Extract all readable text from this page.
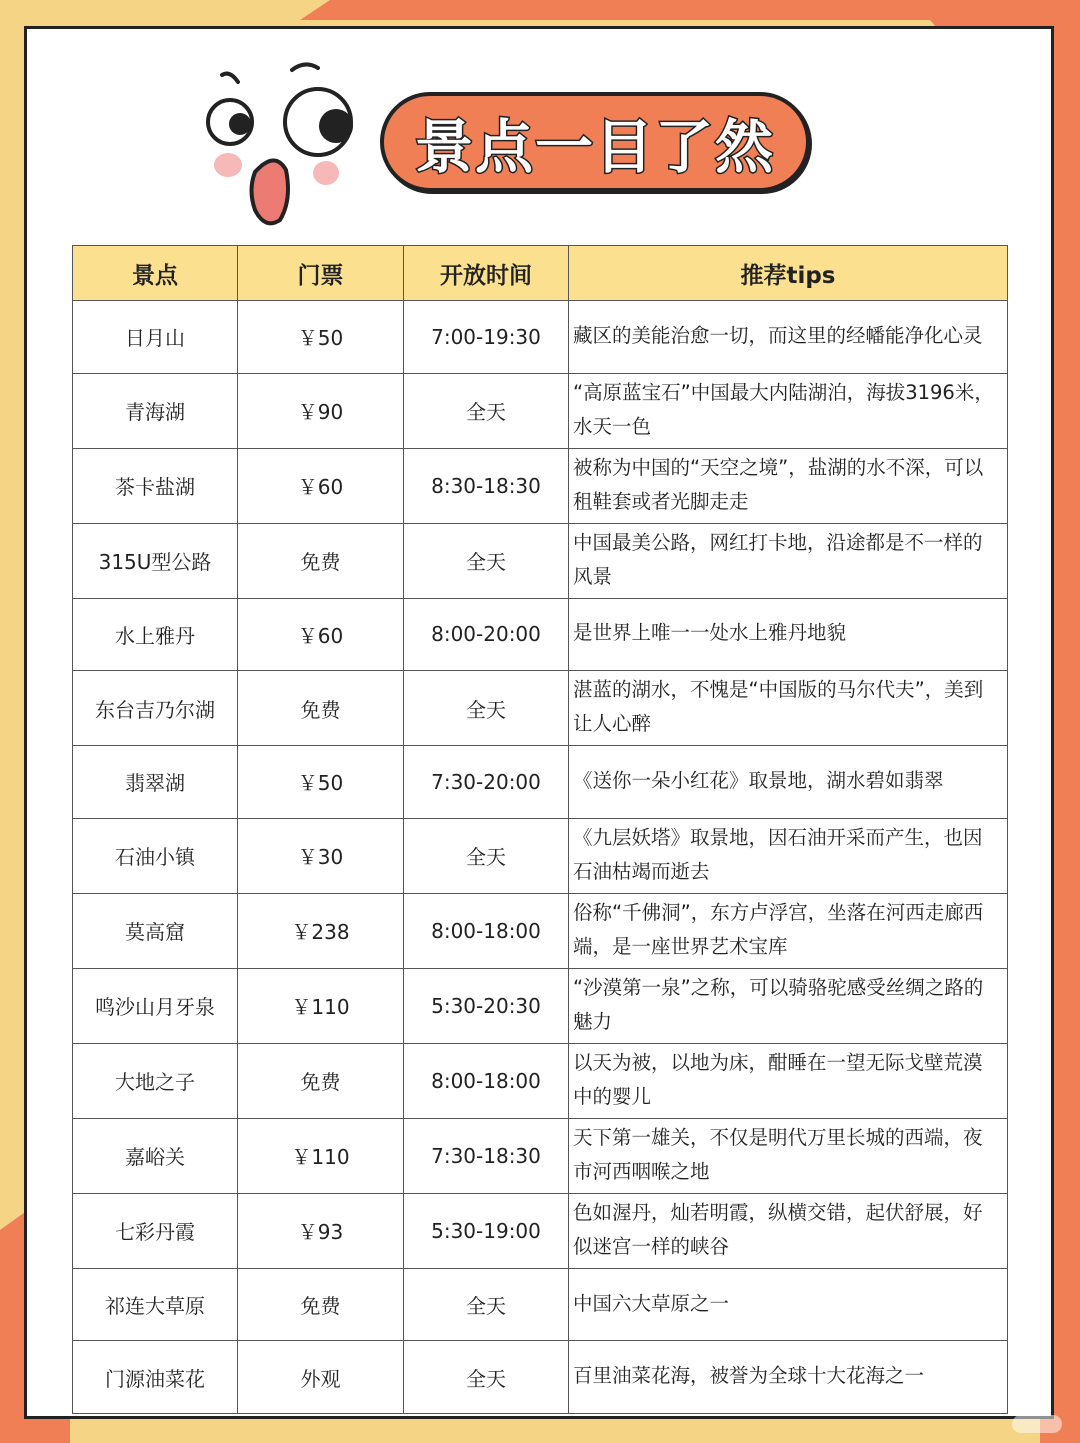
景点一目了然
景点	门票	开放时间	推荐tips
日月山	￥50	7:00-19:30	藏区的美能治愈一切，而这里的经幡能净化心灵
青海湖	￥90	全天	“高原蓝宝石”中国最大内陆湖泊，海拔3196米，水天一色
茶卡盐湖	￥60	8:30-18:30	被称为中国的“天空之境”，盐湖的水不深，可以租鞋套或者光脚走走
315U型公路	免费	全天	中国最美公路，网红打卡地，沿途都是不一样的风景
水上雅丹	￥60	8:00-20:00	是世界上唯一一处水上雅丹地貌
东台吉乃尔湖	免费	全天	湛蓝的湖水，不愧是“中国版的马尔代夫”，美到让人心醉
翡翠湖	￥50	7:30-20:00	《送你一朵小红花》取景地，湖水碧如翡翠
石油小镇	￥30	全天	《九层妖塔》取景地，因石油开采而产生，也因石油枯竭而逝去
莫高窟	￥238	8:00-18:00	俗称“千佛洞”，东方卢浮宫，坐落在河西走廊西端，是一座世界艺术宝库
鸣沙山月牙泉	￥110	5:30-20:30	“沙漠第一泉”之称，可以骑骆驼感受丝绸之路的魅力
大地之子	免费	8:00-18:00	以天为被，以地为床，酣睡在一望无际戈壁荒漠中的婴儿
嘉峪关	￥110	7:30-18:30	天下第一雄关，不仅是明代万里长城的西端，夜市河西咽喉之地
七彩丹霞	￥93	5:30-19:00	色如渥丹，灿若明霞，纵横交错，起伏舒展，好似迷宫一样的峡谷
祁连大草原	免费	全天	中国六大草原之一
门源油菜花	外观	全天	百里油菜花海，被誉为全球十大花海之一
